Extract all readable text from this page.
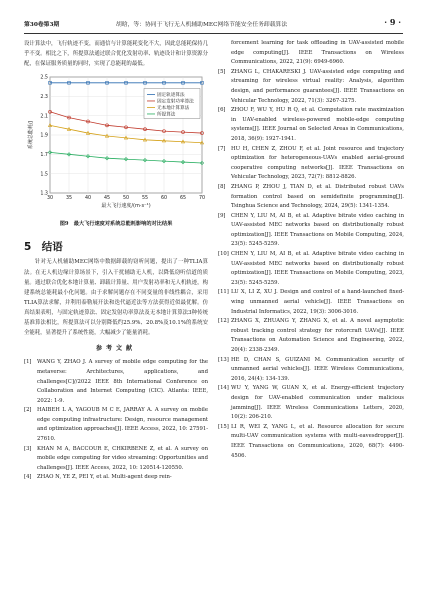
第30卷第3期	胡晗，等：协同于飞行无人机辅助MEC网络节能安全任务卸载算法	· 9 ·

设计算法中，飞行轨迹不变，而通信与计算能耗变化不大，因此总能耗保持几乎不变。相比之下，所提算法通过联合优化发射功率、轨迹设计和计算资源分配，在保证服务质量的同时，实现了总能耗的最低。

1.3
1.5
1.7
1.9
2.1
2.3
2.5
30	35	40	45	50	55	60	65	70
最大飞行速度/(m·s⁻¹)
系统总能耗/J
固定轨迹算法
固定发射功率算法
无本地计算算法
所提算法
图9　最大飞行速度对系统总能耗影响的对比结果
5　结语

针对无人机辅助MEC网络中数据卸载的窃听问题，提出了一种TLIA算法。在无人机边缘计算场景下，引入干扰辅助无人机，以降低窃听信道的质量。通过联合优化本地计算量、卸载计算量、用户发射功率和无人机轨迹，构建系统总能耗最小化问题。由于求解问题存在不同变量的非线性耦合，采用TLIA算法求解，并利用泰勒展开法和迭代逼近法等方法获得近似最优解。仿真结果表明，与固定轨迹算法、固定发射功率算法及无本地计算算法3种传统基准算法相比，所提算法可以分别降低约25.9%、20.8%及10.1%的系统安全能耗，显著提升了系统性能，大幅减少了能量消耗。

参考文献
[1]	WANG Y, ZHAO J. A survey of mobile edge computing for the metaverse: Architectures, applications, and challenges[C]//2022 IEEE 8th International Conference on Collaboration and Internet Computing (CIC). Atlanta: IEEE, 2022: 1-9.
[2]	HAIBEH L A, YAGOUB M C E, JARRAY A. A survey on mobile edge computing infrastructure: Design, resource management and optimization approaches[J]. IEEE Access, 2022, 10: 27591-27610.
[3]	KHAN M A, BACCOUR E, CHKIRBENE Z, et al. A survey on mobile edge computing for video streaming: Opportunities and challenges[J]. IEEE Access, 2022, 10: 120514-120550.
[4]	ZHAO N, YE Z, PEI Y, et al. Multi-agent deep rein-
forcement learning for task offloading in UAV-assisted mobile edge computing[J]. IEEE Transactions on Wireless Communications, 2022, 21(9): 6949-6960.
[5]	ZHANG L, CHAKARESKI J. UAV-assisted edge computing and streaming for wireless virtual reality: Analysis, algorithm design, and performance guarantees[J]. IEEE Transactions on Vehicular Technology, 2022, 71(3): 3267-3275.
[6]	ZHOU F, WU Y, HU R Q, et al. Computation rate maximization in UAV-enabled wireless-powered mobile-edge computing systems[J]. IEEE Journal on Selected Areas in Communications, 2018, 36(9): 1927-1941.
[7]	HU H, CHEN Z, ZHOU F, et al. Joint resource and trajectory optimization for heterogeneous-UAVs enabled aerial-ground cooperative computing networks[J]. IEEE Transactions on Vehicular Technology, 2023, 72(7): 8812-8826.
[8]	ZHANG P, ZHOU J, TIAN D, et al. Distributed robust UAVs formation control based on semidefinite programming[J]. Tsinghua Science and Technology, 2024, 29(5): 1341-1354.
[9]	CHEN Y, LIU M, AI B, et al. Adaptive bitrate video caching in UAV-assisted MEC networks based on distributionally robust optimization[J]. IEEE Transactions on Mobile Computing, 2024, 23(5): 5245-5259.
[10] CHEN Y, LIU M, AI B, et al. Adaptive bitrate video caching in UAV-assisted MEC networks based on distributionally robust optimization[J]. IEEE Transactions on Mobile Computing, 2023, 23(5): 5245-5259.
[11] LU X, LI Z, XU J. Design and control of a hand-launched fixed-wing unmanned aerial vehicle[J]. IEEE Transactions on Industrial Informatics, 2022, 19(3): 3006-3016.
[12] ZHANG X, ZHUANG Y, ZHANG X, et al. A novel asymptotic robust tracking control strategy for rotorcraft UAVs[J]. IEEE Transactions on Automation Science and Engineering, 2022, 20(4): 2338-2349.
[13] HE D, CHAN S, GUIZANI M. Communication security of unmanned aerial vehicles[J]. IEEE Wireless Communications, 2016, 24(4): 134-139.
[14] WU Y, YANG W, GUAN X, et al. Energy-efficient trajectory design for UAV-enabled communication under malicious jamming[J]. IEEE Wireless Communications Letters, 2020, 10(2): 206-210.
[15] LI R, WEI Z, YANG L, et al. Resource allocation for secure multi-UAV communication systems with multi-eavesdropper[J]. IEEE Transactions on Communications, 2020, 68(7): 4490-4506.
